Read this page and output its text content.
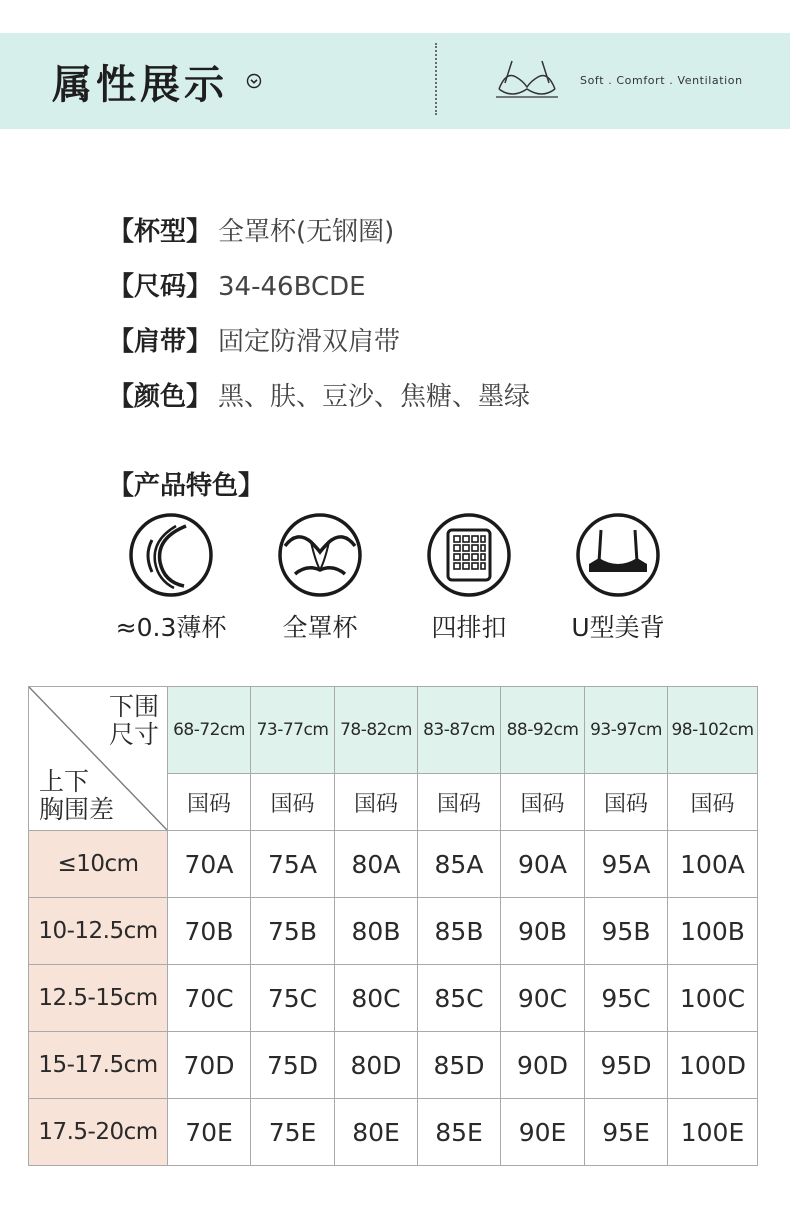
属性展示	Soft . Comfort . Ventilation
【杯型】 全罩杯(无钢圈)
【尺码】 34-46BCDE
【肩带】 固定防滑双肩带
【颜色】 黑、肤、豆沙、焦糖、墨绿
【产品特色】
≈0.3薄杯	全罩杯	四排扣	U型美背
下围
尺寸
上下
胸围差	68-72cm	73-77cm	78-82cm	83-87cm	88-92cm	93-97cm	98-102cm
	国码	国码	国码	国码	国码	国码	国码
≤10cm	70A	75A	80A	85A	90A	95A	100A
10-12.5cm	70B	75B	80B	85B	90B	95B	100B
12.5-15cm	70C	75C	80C	85C	90C	95C	100C
15-17.5cm	70D	75D	80D	85D	90D	95D	100D
17.5-20cm	70E	75E	80E	85E	90E	95E	100E
